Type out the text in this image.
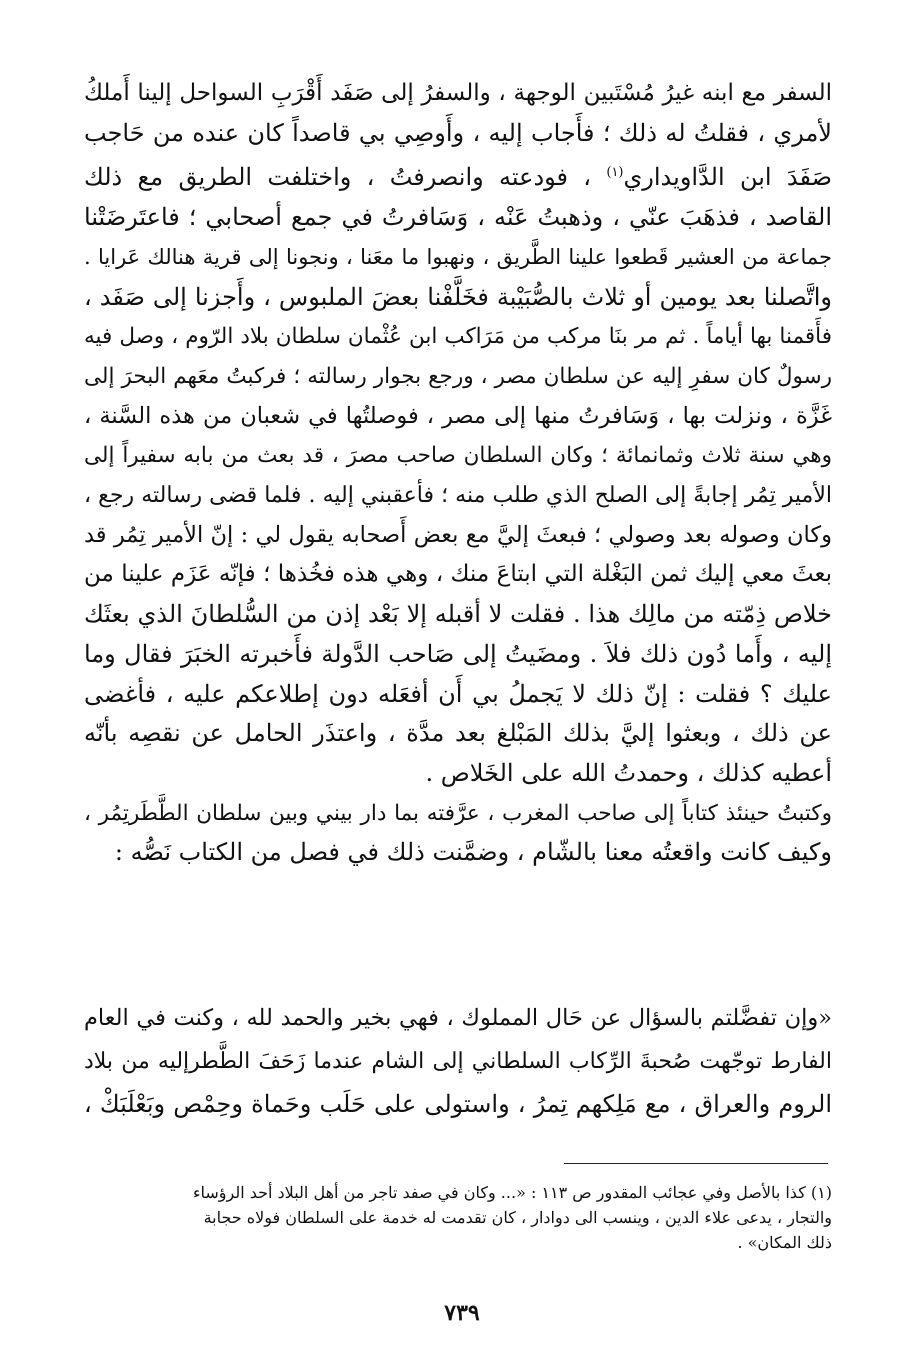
السفر مع ابنه غيرُ مُسْتَبين الوجهة ، والسفرُ إلى صَفَد أَقْرَبِ السواحل إلينا أَملكُ
لأمري ، فقلتُ له ذلك ؛ فأَجاب إليه ، وأَوصِي بي قاصداً كان عنده من حَاجب
صَفَدَ ابن الدَّاويداري$^{(١)}$ ، فودعته وانصرفتُ ، واختلفت الطريق مع ذلك
القاصد ، فذهَبَ عنّي ، وذهبتُ عَنْه ، وَسَافرتُ في جمع أصحابي ؛ فاعتَرضَتْنا
جماعة من العشير قَطعوا علينا الطَّريق ، ونهبوا ما معَنا ، ونجونا إلى قرية هنالك عَرايا .
واتَّصلنا بعد يومين أو ثلاث بالصُّبَيْبة فخَلَّفْنا بعضَ الملبوس ، وأَجزنا إلى صَفَد ،
فأَقمنا بها أياماً . ثم مر بنَا مركب من مَرَاكب ابن عُثْمان سلطان بلاد الرّوم ، وصل فيه
رسولٌ كان سفرِ إليه عن سلطان مصر ، ورجع بجوار رسالته ؛ فركبتُ معَهم البحرَ إلى
غَزَّة ، ونزلت بها ، وَسَافرتُ منها إلى مصر ، فوصلتُها في شعبان من هذه السَّنة ،
وهي سنة ثلاث وثمانمائة ؛ وكان السلطان صاحب مصرَ ، قد بعث من بابه سفيراً إلى
الأمير تِمُر إجابةً إلى الصلح الذي طلب منه ؛ فأعقبني إليه . فلما قضى رسالته رجع ،
وكان وصوله بعد وصولي ؛ فبعثَ إليَّ مع بعض أَصحابه يقول لي : إنّ الأمير تِمُر قد
بعثَ معي إليك ثمن البَغْلة التي ابتاعَ منك ، وهي هذه فخُذها ؛ فإنّه عَزَم علينا من
خلاص ذِمّته من مالِك هذا . فقلت لا أقبله إلا بَعْد إذن من السُّلطانَ الذي بعثَك
إليه ، وأَما دُون ذلك فلاَ . ومضَيتُ إلى صَاحب الدَّولة فأَخبرته الخبَرَ فقال وما
عليك ؟ فقلت : إنّ ذلك لا يَجملُ بي أَن أفعَله دون إطلاعكم عليه ، فأغضى
عن ذلك ، وبعثوا إليَّ بذلك المَبْلغ بعد مدَّة ، واعتذَر الحامل عن نقصِه بأنّه
أعطيه كذلك ، وحمدتُ الله على الخَلاص .
وكتبتُ حينئذ كتاباً إلى صاحب المغرب ، عرَّفته بما دار بيني وبين سلطان الطَّطَرتِمُر ،
وكيف كانت واقعتُه معنا بالشّام ، وضمَّنت ذلك في فصل من الكتاب نَصُّه :
«وإن تفضَّلتم بالسؤال عن حَال المملوك ، فهي بخير والحمد لله ، وكنت في العام
الفارط توجّهت صُحبةَ الرِّكاب السلطاني إلى الشام عندما زَحَفَ الطَّطرإليه من بلاد
الروم والعراق ، مع مَلِكهم تِمرُ ، واستولى على حَلَب وحَماة وحِمْص وبَعْلَبَكْ ،
(١) كذا بالأصل وفي عجائب المقدور ص ١١٣ : «... وكان في صفد تاجر من أهل البلاد أحد الرؤساء
والتجار ، يدعى علاء الدين ، وينسب الى دوادار ، كان تقدمت له خدمة على السلطان فولاه حجابة
ذلك المكان» .
٧٣٩
